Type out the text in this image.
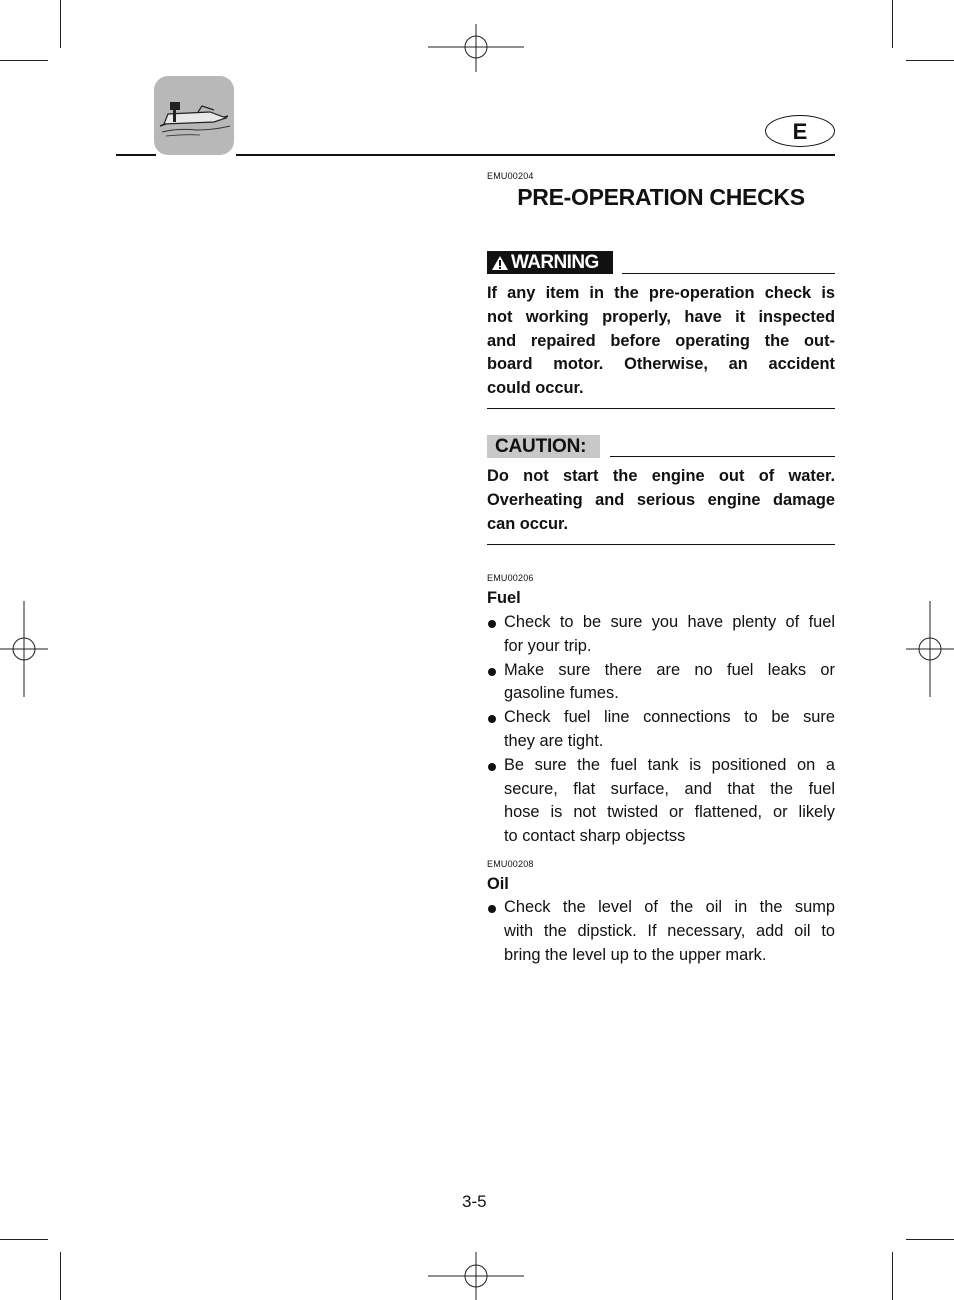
E
EMU00204
PRE-OPERATION CHECKS
WARNING
If any item in the pre-operation check is
not working properly, have it inspected
and repaired before operating the out-
board motor. Otherwise, an accident
could occur.
CAUTION:
Do not start the engine out of water.
Overheating and serious engine damage
can occur.
EMU00206
Fuel
Check to be sure you have plenty of fuel
for your trip.
Make sure there are no fuel leaks or
gasoline fumes.
Check fuel line connections to be sure
they are tight.
Be sure the fuel tank is positioned on a
secure, flat surface, and that the fuel
hose is not twisted or flattened, or likely
to contact sharp objectss
EMU00208
Oil
Check the level of the oil in the sump
with the dipstick. If necessary, add oil to
bring the level up to the upper mark.
3-5
